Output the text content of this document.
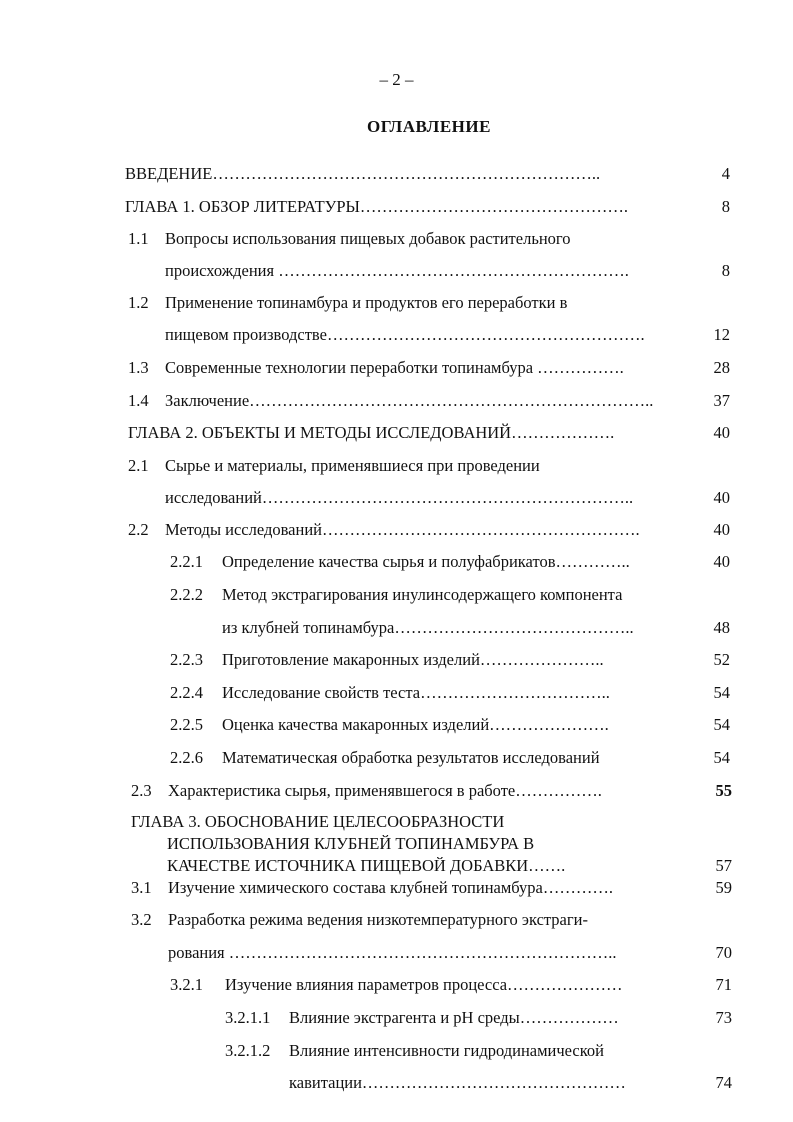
– 2 –
ОГЛАВЛЕНИЕ
ВВЕДЕНИЕ……………………………………………………………..	4
ГЛАВА 1. ОБЗОР ЛИТЕРАТУРЫ………………………………………….	8
1.1 Вопросы использования пищевых добавок растительного
происхождения ……………………………………………………….	8
1.2 Применение топинамбура и продуктов его переработки в
пищевом производстве………………………………………………….	12
1.3 Современные технологии переработки топинамбура …………….	28
1.4 Заключение………………………………………………………………..	37
ГЛАВА 2. ОБЪЕКТЫ И МЕТОДЫ ИССЛЕДОВАНИЙ……………….	40
2.1 Сырье и материалы, применявшиеся при проведении
исследований…………………………………………………………..	40
2.2 Методы исследований………………………………………………….	40
2.2.1 Определение качества сырья и полуфабрикатов…………..	40
2.2.2 Метод экстрагирования инулинсодержащего компонента
из клубней топинамбура……………………………………..	48
2.2.3 Приготовление макаронных изделий…………………..	52
2.2.4 Исследование свойств теста……………………………..	54
2.2.5 Оценка качества макаронных изделий………………….	54
2.2.6 Математическая обработка результатов исследований	54
2.3 Характеристика сырья, применявшегося в работе…………….	55
ГЛАВА 3. ОБОСНОВАНИЕ ЦЕЛЕСООБРАЗНОСТИ
ИСПОЛЬЗОВАНИЯ КЛУБНЕЙ ТОПИНАМБУРА В
КАЧЕСТВЕ ИСТОЧНИКА ПИЩЕВОЙ ДОБАВКИ…….	57
3.1 Изучение химического состава клубней топинамбура………….	59
3.2 Разработка режима ведения низкотемпературного экстраги-
рования ……………………………………………………………..	70
3.2.1 Изучение влияния параметров процесса…………………	71
3.2.1.1 Влияние экстрагента и pH среды………………	73
3.2.1.2 Влияние интенсивности гидродинамической
кавитации…………………………………………	74
